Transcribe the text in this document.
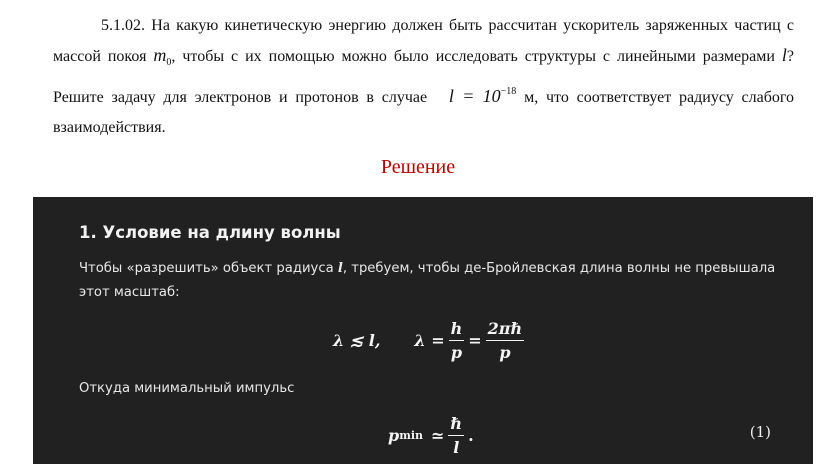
5.1.02. На какую кинетическую энергию должен быть рассчитан ускоритель заряженных частиц с массой покоя $m_0$, чтобы с их помощью можно было исследовать структуры с линейными размерами l? Решите задачу для электронов и протонов в случае $l = 10^{-18}$ м, что соответствует радиусу слабого взаимодействия.
Решение
1. Условие на длину волны
Чтобы «разрешить» объект радиуса l, требуем, чтобы де-Бройлевская длина волны не превышала этот масштаб:
λ ≲ l, $\lambda = \frac{h}{p} = \frac{\text{2πℏ}}{p}$
Откуда минимальный импульс
p min ≃ $\frac{\text{ℏ}}{l}$ .	(1)
